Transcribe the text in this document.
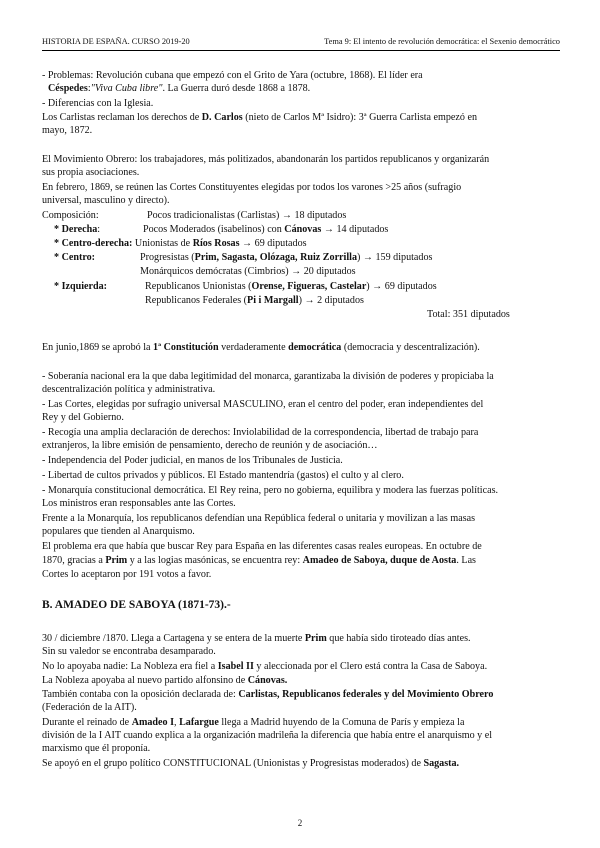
HISTORIA DE ESPAÑA. CURSO 2019-20	Tema 9: El intento de revolución democrática: el Sexenio democrático
- Problemas: Revolución cubana que empezó con el Grito de Yara (octubre, 1868). El líder era
Céspedes:"Viva Cuba libre". La Guerra duró desde 1868 a 1878.
- Diferencias con la Iglesia.
Los Carlistas reclaman los derechos de D. Carlos (nieto de Carlos Mª Isidro): 3ª Guerra Carlista empezó en
mayo, 1872.
El Movimiento Obrero: los trabajadores, más politizados, abandonarán los partidos republicanos y organizarán
sus propia asociaciones.
En febrero, 1869, se reúnen las Cortes Constituyentes elegidas por todos los varones >25 años (sufragio
universal, masculino y directo).
Composición:	Pocos tradicionalistas (Carlistas) → 18 diputados
* Derecha:	Pocos Moderados (isabelinos) con Cánovas → 14 diputados
* Centro-derecha: Unionistas de Ríos Rosas → 69 diputados
* Centro:	Progresistas (Prim, Sagasta, Olózaga, Ruiz Zorrilla) → 159 diputados
Monárquicos demócratas (Cimbrios) → 20 diputados
* Izquierda:	Republicanos Unionistas (Orense, Figueras, Castelar) → 69 diputados
Republicanos Federales (Pi i Margall) → 2 diputados
Total: 351 diputados
En junio,1869 se aprobó la 1ª Constitución verdaderamente democrática (democracia y descentralización).
- Soberanía nacional era la que daba legitimidad del monarca, garantizaba la división de poderes y propiciaba la
descentralización política y administrativa.
- Las Cortes, elegidas por sufragio universal MASCULINO, eran el centro del poder, eran independientes del
Rey y del Gobierno.
- Recogía una amplia declaración de derechos: Inviolabilidad de la correspondencia, libertad de trabajo para
extranjeros, la libre emisión de pensamiento, derecho de reunión y de asociación…
- Independencia del Poder judicial, en manos de los Tribunales de Justicia.
- Libertad de cultos privados y públicos. El Estado mantendría (gastos) el culto y al clero.
- Monarquía constitucional democrática. El Rey reina, pero no gobierna, equilibra y modera las fuerzas políticas.
Los ministros eran responsables ante las Cortes.
Frente a la Monarquía, los republicanos defendían una República federal o unitaria y movilizan a las masas
populares que tienden al Anarquismo.
El problema era que había que buscar Rey para España en las diferentes casas reales europeas. En octubre de
1870, gracias a Prim y a las logias masónicas, se encuentra rey: Amadeo de Saboya, duque de Aosta. Las
Cortes lo aceptaron por 191 votos a favor.
B. AMADEO DE SABOYA (1871-73).-
30 / diciembre /1870. Llega a Cartagena y se entera de la muerte Prim que había sido tiroteado días antes.
Sin su valedor se encontraba desamparado.
No lo apoyaba nadie: La Nobleza era fiel a Isabel II y aleccionada por el Clero está contra la Casa de Saboya.
La Nobleza apoyaba al nuevo partido alfonsino de Cánovas.
También contaba con la oposición declarada de: Carlistas, Republicanos federales y del Movimiento Obrero
(Federación de la AIT).
Durante el reinado de Amadeo I, Lafargue llega a Madrid huyendo de la Comuna de París y empieza la
división de la I AIT cuando explica a la organización madrileña la diferencia que había entre el anarquismo y el
marxismo que él proponía.
Se apoyó en el grupo político CONSTITUCIONAL (Unionistas y Progresistas moderados) de Sagasta.
2
